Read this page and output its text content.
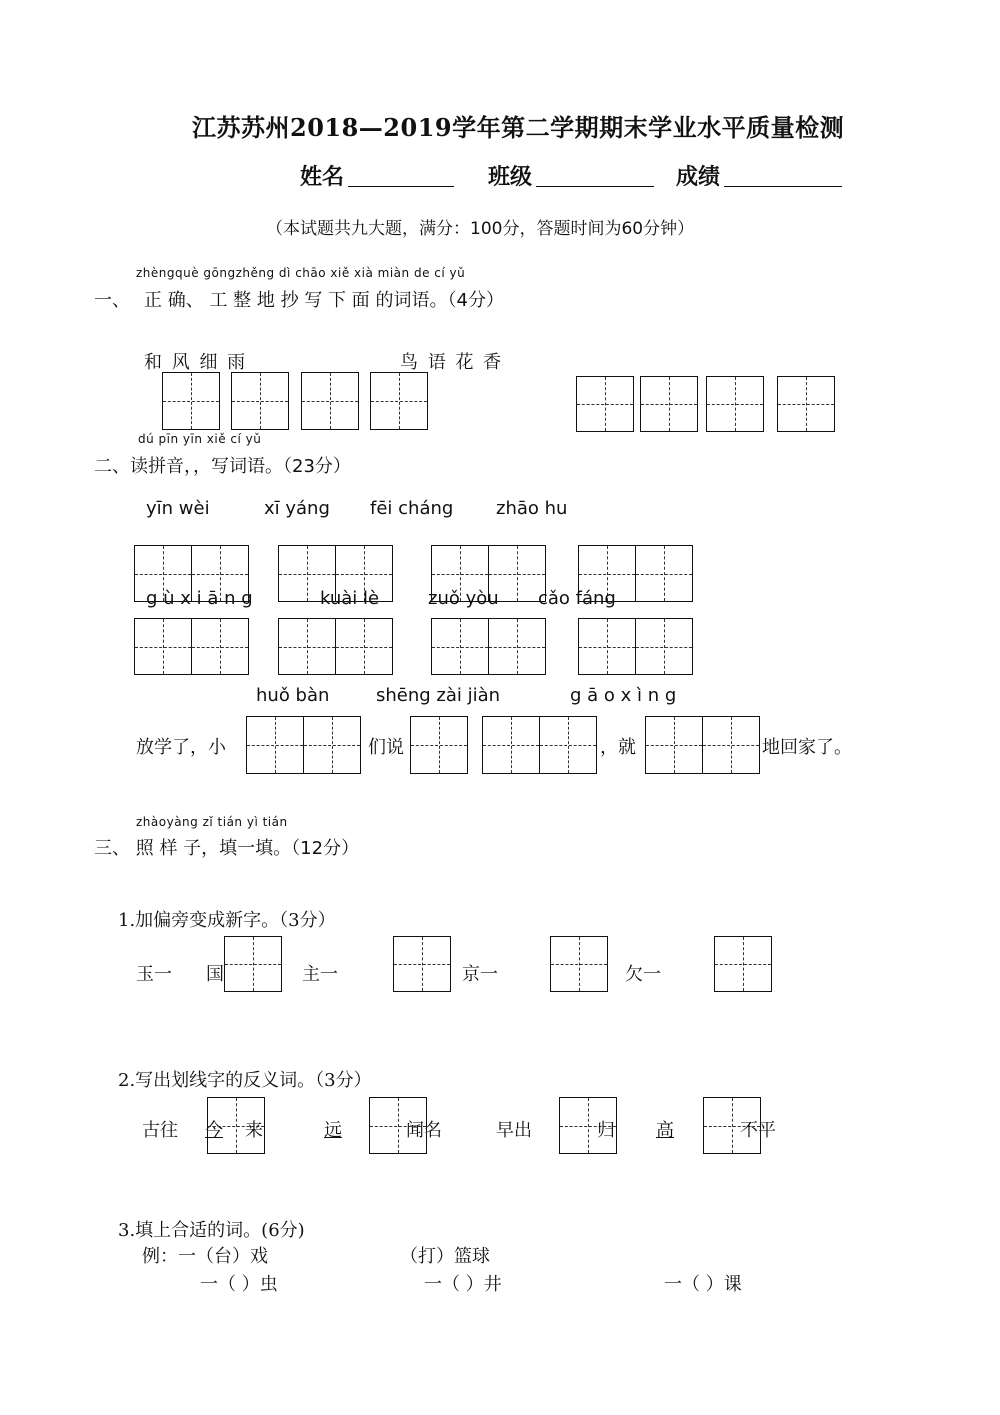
江苏苏州2018—2019学年第二学期期末学业水平质量检测
姓名	班级	成绩
（本试题共九大题，满分：100分，答题时间为60分钟）
zhèngquè gōngzhěng dì chāo xiě xià miàn de cí yǔ
一、 正 确、 工 整 地 抄 写 下 面 的词语。（4分）
和 风 细 雨	鸟 语 花 香
dú pīn yīn xiě cí yǔ
二、读拼音，，写词语。（23分）
yīn wèi	xī yáng fēi cháng zhāo hu
g ù x i ā n g	kuài lè	zuǒ yòu cǎo fáng
huǒ bàn	shēng zài jiàn	g ā o x ì n g
放学了，小	们说	，就	地回家了。
zhàoyàng zǐ tián yì tián
三、 照 样 子，填一填。（12分）
1.加偏旁变成新字。（3分）
玉一 国	主一	京一	欠一
2.写出划线字的反义词。（3分）
古往 今 来	远	闻名	早出	归 高	不平
3.填上合适的词。(6分)
例：一（台）戏	（打）篮球
一（ ）虫	一（ ）井	一（ ）课
